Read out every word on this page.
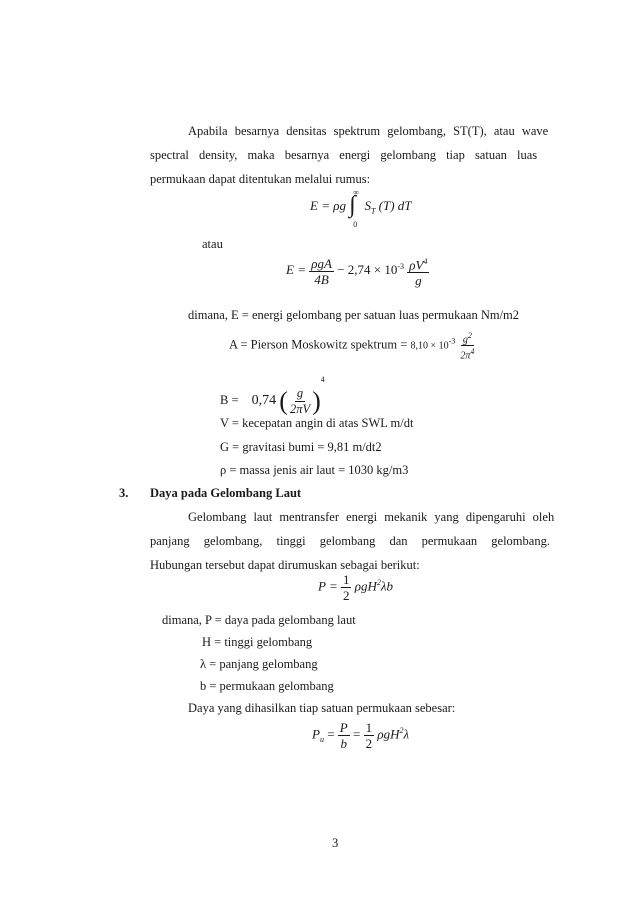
Apabila besarnya densitas spektrum gelombang, ST(T), atau wave
spectral density, maka besarnya energi gelombang tiap satuan luas
permukaan dapat ditentukan melalui rumus:
E = ρg
∞
∫
0
$S_T$ (T) dT
atau
$E = \frac{\text{ρgA}}{4B} - 2,74 \times 10^{-3} \frac{\rho V^4}{g}$
dimana, E = energi gelombang per satuan luas permukaan Nm/m2
A = Pierson Moskowitz spektrum = $8,10 \times 10^{-3} \frac{g^2}{2\pi^4}$
B = 0,74 ( $\frac{g}{2\pi V} )^4$
V = kecepatan angin di atas SWL m/dt
G = gravitasi bumi = 9,81 m/dt2
ρ = massa jenis air laut = 1030 kg/m3
3. Daya pada Gelombang Laut
Gelombang laut mentransfer energi mekanik yang dipengaruhi oleh
panjang gelombang, tinggi gelombang dan permukaan gelombang.
Hubungan tersebut dapat dirumuskan sebagai berikut:
$P = \frac{1}{2} \rho gH^2\lambda b$
dimana, P = daya pada gelombang laut
H = tinggi gelombang
λ = panjang gelombang
b = permukaan gelombang
Daya yang dihasilkan tiap satuan permukaan sebesar:
$P_u = \frac{P}{b} = \frac{1}{2} \rho gH^2\lambda$
3
